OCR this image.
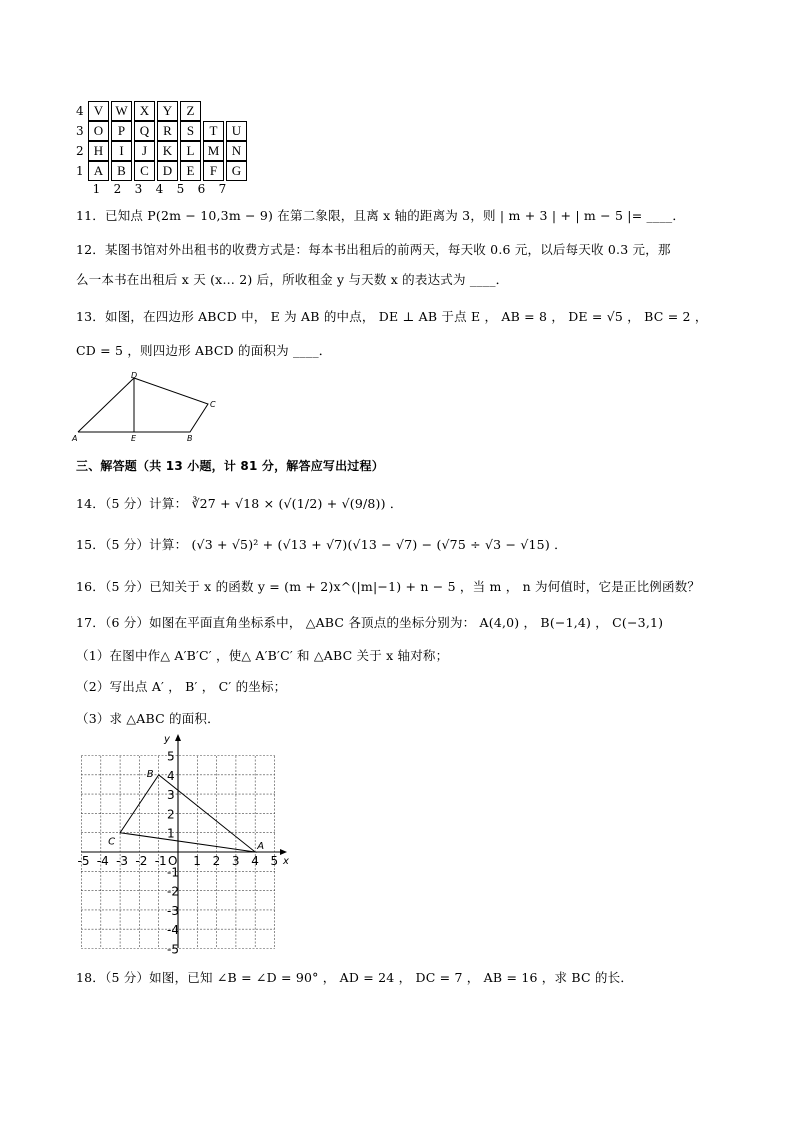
4 V W X	Y	Z
3 O	P	Q	R	S	T	U
2 H	I	J	K	L	M N
1 A	B	C	D	E	F	G
1	2	3	4	5	6	7
11．已知点 P(2m − 10,3m − 9) 在第二象限，且离 x 轴的距离为 3，则 | m + 3 | + | m − 5 |= ____．
12．某图书馆对外出租书的收费方式是：每本书出租后的前两天，每天收 0.6 元，以后每天收 0.3 元，那
么一本书在出租后 x 天 (x… 2) 后，所收租金 y 与天数 x 的表达式为 ____．
13．如图，在四边形 ABCD 中， E 为 AB 的中点， DE ⊥ AB 于点 E ， AB = 8 ， DE = √5 ， BC = 2 ，
CD = 5 ，则四边形 ABCD 的面积为 ____．
A	E	B
C
D
三、解答题（共 13 小题，计 81 分，解答应写出过程）
14．（5 分）计算： ∛27 + √18 × (√(1/2) + √(9/8)) ．
15．（5 分）计算： (√3 + √5)² + (√13 + √7)(√13 − √7) − (√75 ÷ √3 − √15) ．
16．（5 分）已知关于 x 的函数 y = (m + 2)x^(|m|−1) + n − 5 ，当 m ， n 为何值时，它是正比例函数？
17．（6 分）如图在平面直角坐标系中， △ABC 各顶点的坐标分别为： A(4,0) ， B(−1,4) ， C(−3,1)
（1）在图中作△ A′B′C′ ，使△ A′B′C′ 和 △ABC 关于 x 轴对称；
（2）写出点 A′ ， B′ ， C′ 的坐标；
（3）求 △ABC 的面积．
-5 -4 -3 -2 -1 O 1 2 3 4 5
5
4
3
2
1
-1
-2
-3
-4
-5
x
y
A
B
C
18．（5 分）如图，已知 ∠B = ∠D = 90° ， AD = 24 ， DC = 7 ， AB = 16 ，求 BC 的长．
